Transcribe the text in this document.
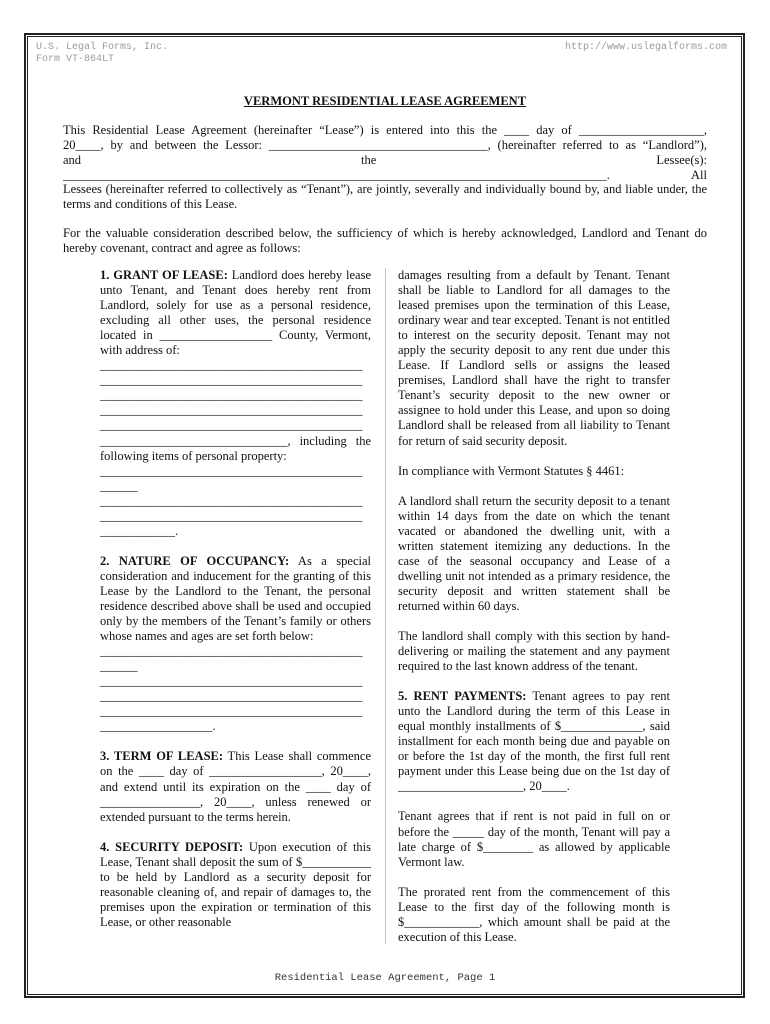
U.S. Legal Forms, Inc.
Form VT-864LT
http://www.uslegalforms.com
VERMONT RESIDENTIAL LEASE AGREEMENT
This Residential Lease Agreement (hereinafter “Lease”) is entered into this the ____ day of ____________________,
20____, by and between the Lessor: ___________________________________, (hereinafter referred to as “Landlord”),
and the Lessee(s):
_______________________________________________________________________________________. All
Lessees (hereinafter referred to collectively as “Tenant”), are jointly, severally and individually bound by, and liable under, the terms and conditions of this Lease.
For the valuable consideration described below, the sufficiency of which is hereby acknowledged, Landlord and Tenant do hereby covenant, contract and agree as follows:

1. GRANT OF LEASE: Landlord does hereby lease unto Tenant, and Tenant does hereby rent from Landlord, solely for use as a personal residence, excluding all other uses, the personal residence located in __________________ County, Vermont, with address of:

__________________________________________
__________________________________________
__________________________________________
__________________________________________
__________________________________________
______________________________, including the
following items of personal property:
__________________________________________
______
__________________________________________
__________________________________________
____________.

2. NATURE OF OCCUPANCY: As a special consideration and inducement for the granting of this Lease by the Landlord to the Tenant, the personal residence described above shall be used and occupied only by the members of the Tenant’s family or others whose names and ages are set forth below:

__________________________________________
______
__________________________________________
__________________________________________
__________________________________________
__________________.

3. TERM OF LEASE: This Lease shall commence on the ____ day of __________________, 20____, and extend until its expiration on the ____ day of ________________, 20____, unless renewed or extended pursuant to the terms herein.

4. SECURITY DEPOSIT: Upon execution of this Lease, Tenant shall deposit the sum of $___________ to be held by Landlord as a security deposit for reasonable cleaning of, and repair of damages to, the premises upon the expiration or termination of this Lease, or other reasonable

damages resulting from a default by Tenant. Tenant shall be liable to Landlord for all damages to the leased premises upon the termination of this Lease, ordinary wear and tear excepted. Tenant is not entitled to interest on the security deposit. Tenant may not apply the security deposit to any rent due under this Lease. If Landlord sells or assigns the leased premises, Landlord shall have the right to transfer Tenant’s security deposit to the new owner or assignee to hold under this Lease, and upon so doing Landlord shall be released from all liability to Tenant for return of said security deposit.

In compliance with Vermont Statutes § 4461:

A landlord shall return the security deposit to a tenant within 14 days from the date on which the tenant vacated or abandoned the dwelling unit, with a written statement itemizing any deductions. In the case of the seasonal occupancy and Lease of a dwelling unit not intended as a primary residence, the security deposit and written statement shall be returned within 60 days.

The landlord shall comply with this section by hand-delivering or mailing the statement and any payment required to the last known address of the tenant.

5. RENT PAYMENTS: Tenant agrees to pay rent unto the Landlord during the term of this Lease in equal monthly installments of $_____________, said installment for each month being due and payable on or before the 1st day of the month, the first full rent payment under this Lease being due on the 1st day of ____________________, 20____.

Tenant agrees that if rent is not paid in full on or before the _____ day of the month, Tenant will pay a late charge of $________ as allowed by applicable Vermont law.

The prorated rent from the commencement of this Lease to the first day of the following month is $____________, which amount shall be paid at the execution of this Lease.

Residential Lease Agreement, Page 1
